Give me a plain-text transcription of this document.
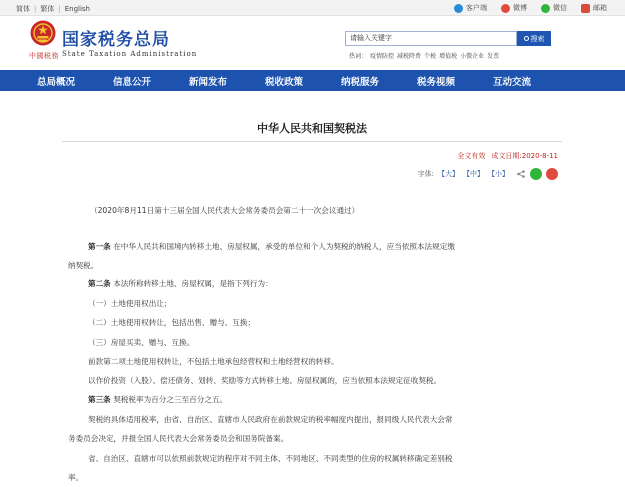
简体 | 繁体 | English	客户端	微博	微信	邮箱
中國税務
国家税务总局
State Taxation Administration
请输入关键字	搜索
热词： 疫情防控 减税降费 个税 增值税 小微企业 发票
总局概况	信息公开	新闻发布	税收政策	纳税服务	税务视频	互动交流
中华人民共和国契税法
全文有效 成文日期:2020-8-11
字体: 【大】 【中】 【小】
（2020年8月11日第十三届全国人民代表大会常务委员会第二十一次会议通过）
第一条 在中华人民共和国境内转移土地、房屋权属，承受的单位和个人为契税的纳税人，应当依照本法规定缴
纳契税。
第二条 本法所称转移土地、房屋权属，是指下列行为：
（一）土地使用权出让；
（二）土地使用权转让，包括出售、赠与、互换；
（三）房屋买卖、赠与、互换。
前款第二项土地使用权转让，不包括土地承包经营权和土地经营权的转移。
以作价投资（入股）、偿还债务、划转、奖励等方式转移土地、房屋权属的，应当依照本法规定征收契税。
第三条 契税税率为百分之三至百分之五。
契税的具体适用税率，由省、自治区、直辖市人民政府在前款规定的税率幅度内提出，报同级人民代表大会常
务委员会决定，并报全国人民代表大会常务委员会和国务院备案。
省、自治区、直辖市可以依照前款规定的程序对不同主体、不同地区、不同类型的住房的权属转移确定差别税
率。
